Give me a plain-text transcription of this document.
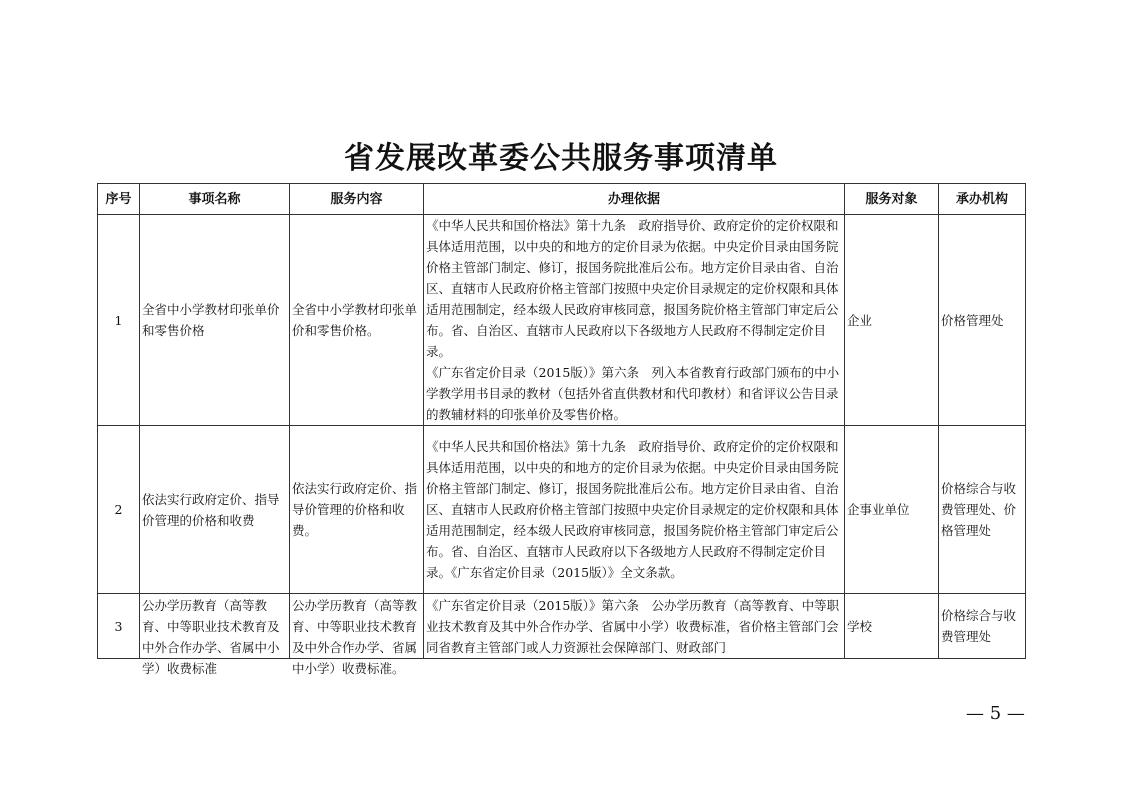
省发展改革委公共服务事项清单
序号	事项名称	服务内容	办理依据	服务对象	承办机构
1	全省中小学教材印张单价和零售价格	全省中小学教材印张单价和零售价格。	《中华人民共和国价格法》第十九条　政府指导价、政府定价的定价权限和具体适用范围，以中央的和地方的定价目录为依据。中央定价目录由国务院价格主管部门制定、修订，报国务院批准后公布。地方定价目录由省、自治区、直辖市人民政府价格主管部门按照中央定价目录规定的定价权限和具体适用范围制定，经本级人民政府审核同意，报国务院价格主管部门审定后公布。省、自治区、直辖市人民政府以下各级地方人民政府不得制定定价目录。

《广东省定价目录（2015版）》第六条　列入本省教育行政部门颁布的中小学教学用书目录的教材（包括外省直供教材和代印教材）和省评议公告目录的教辅材料的印张单价及零售价格。	企业	价格管理处
2	依法实行政府定价、指导价管理的价格和收费	依法实行政府定价、指导价管理的价格和收费。	《中华人民共和国价格法》第十九条　政府指导价、政府定价的定价权限和具体适用范围，以中央的和地方的定价目录为依据。中央定价目录由国务院价格主管部门制定、修订，报国务院批准后公布。地方定价目录由省、自治区、直辖市人民政府价格主管部门按照中央定价目录规定的定价权限和具体适用范围制定，经本级人民政府审核同意，报国务院价格主管部门审定后公布。省、自治区、直辖市人民政府以下各级地方人民政府不得制定定价目录。《广东省定价目录（2015版）》全文条款。	企事业单位	价格综合与收费管理处、价格管理处
3	公办学历教育（高等教育、中等职业技术教育及中外合作办学、省属中小学）收费标准	公办学历教育（高等教育、中等职业技术教育及中外合作办学、省属中小学）收费标准。	《广东省定价目录（2015版）》第六条　公办学历教育（高等教育、中等职业技术教育及其中外合作办学、省属中小学）收费标准，省价格主管部门会同省教育主管部门或人力资源社会保障部门、财政部门	学校	价格综合与收费管理处
— 5 —
